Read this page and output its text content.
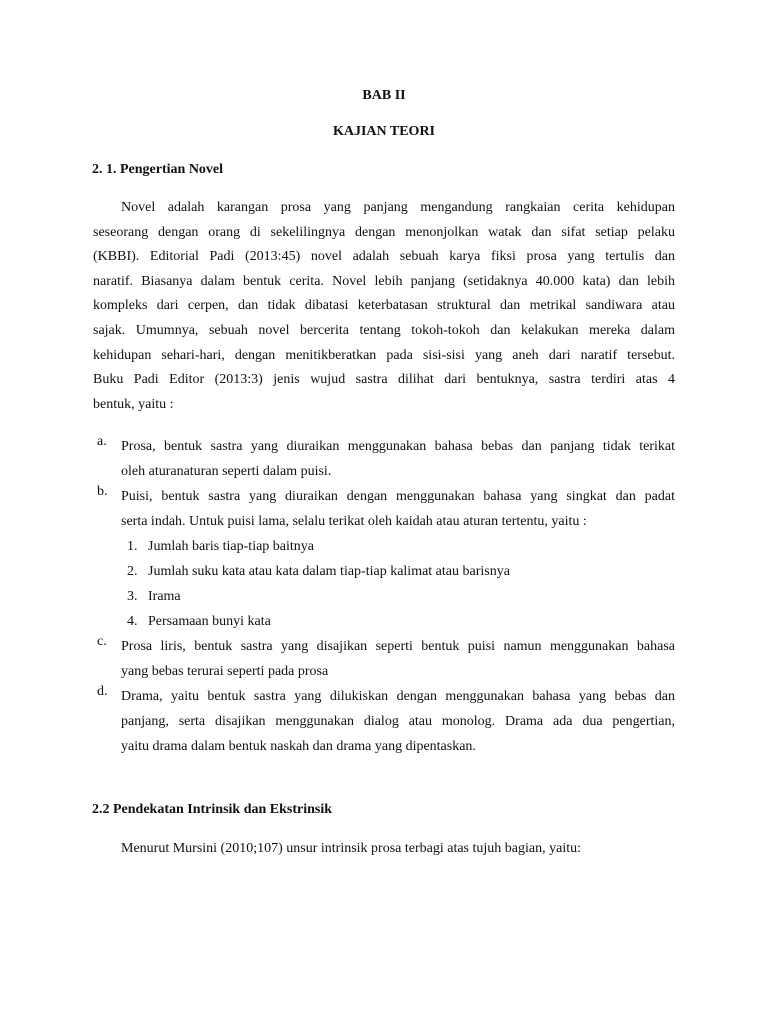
BAB II
KAJIAN TEORI
2. 1. Pengertian Novel
Novel adalah karangan prosa yang panjang mengandung rangkaian cerita kehidupan
seseorang dengan orang di sekelilingnya dengan menonjolkan watak dan sifat setiap pelaku
(KBBI). Editorial Padi (2013:45) novel adalah sebuah karya fiksi prosa yang tertulis dan
naratif. Biasanya dalam bentuk cerita. Novel lebih panjang (setidaknya 40.000 kata) dan lebih
kompleks dari cerpen, dan tidak dibatasi keterbatasan struktural dan metrikal sandiwara atau
sajak. Umumnya, sebuah novel bercerita tentang tokoh-tokoh dan kelakukan mereka dalam
kehidupan sehari-hari, dengan menitikberatkan pada sisi-sisi yang aneh dari naratif tersebut.
Buku Padi Editor (2013:3) jenis wujud sastra dilihat dari bentuknya, sastra terdiri atas 4
bentuk, yaitu :
a. Prosa, bentuk sastra yang diuraikan menggunakan bahasa bebas dan panjang tidak terikat
oleh aturanaturan seperti dalam puisi.
b. Puisi, bentuk sastra yang diuraikan dengan menggunakan bahasa yang singkat dan padat
serta indah. Untuk puisi lama, selalu terikat oleh kaidah atau aturan tertentu, yaitu :
1. Jumlah baris tiap-tiap baitnya
2. Jumlah suku kata atau kata dalam tiap-tiap kalimat atau barisnya
3. Irama
4. Persamaan bunyi kata
c. Prosa liris, bentuk sastra yang disajikan seperti bentuk puisi namun menggunakan bahasa
yang bebas terurai seperti pada prosa
d. Drama, yaitu bentuk sastra yang dilukiskan dengan menggunakan bahasa yang bebas dan
panjang, serta disajikan menggunakan dialog atau monolog. Drama ada dua pengertian,
yaitu drama dalam bentuk naskah dan drama yang dipentaskan.
2.2 Pendekatan Intrinsik dan Ekstrinsik
Menurut Mursini (2010;107) unsur intrinsik prosa terbagi atas tujuh bagian, yaitu:
